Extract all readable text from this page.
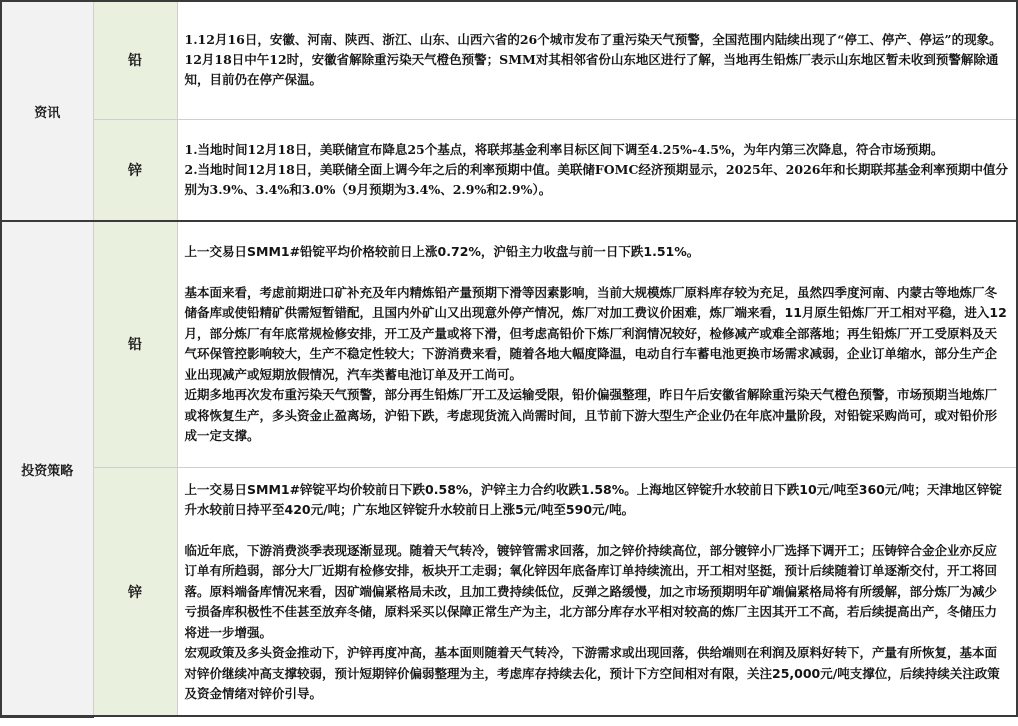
资讯	铅	1.12月16日，安徽、河南、陕西、浙江、山东、山西六省的26个城市发布了重污染天气预警，全国范围内陆续出现了“停工、停产、停运”的现象。12月18日中午12时，安徽省解除重污染天气橙色预警；SMM对其相邻省份山东地区进行了解，当地再生铅炼厂表示山东地区暂未收到预警解除通知，目前仍在停产保温。

	锌	1.当地时间12月18日，美联储宣布降息25个基点，将联邦基金利率目标区间下调至4.25%-4.5%，为年内第三次降息，符合市场预期。

2.当地时间12月18日，美联储全面上调今年之后的利率预期中值。美联储FOMC经济预期显示，2025年、2026年和长期联邦基金利率预期中值分别为3.9%、3.4%和3.0%（9月预期为3.4%、2.9%和2.9%）。

投资策略	铅	上一交易日SMM1#铅锭平均价格较前日上涨0.72%，沪铅主力收盘与前一日下跌1.51%。

基本面来看，考虑前期进口矿补充及年内精炼铅产量预期下滑等因素影响，当前大规模炼厂原料库存较为充足，虽然四季度河南、内蒙古等地炼厂冬储备库或使铅精矿供需短暂错配，且国内外矿山又出现意外停产情况，炼厂对加工费议价困难，炼厂端来看，11月原生铅炼厂开工相对平稳，进入12月，部分炼厂有年底常规检修安排，开工及产量或将下滑，但考虑高铅价下炼厂利润情况较好，检修减产或难全部落地；再生铅炼厂开工受原料及天气环保管控影响较大，生产不稳定性较大；下游消费来看，随着各地大幅度降温，电动自行车蓄电池更换市场需求减弱，企业订单缩水，部分生产企业出现减产或短期放假情况，汽车类蓄电池订单及开工尚可。

近期多地再次发布重污染天气预警，部分再生铅炼厂开工及运输受限，铅价偏强整理，昨日午后安徽省解除重污染天气橙色预警，市场预期当地炼厂或将恢复生产，多头资金止盈离场，沪铅下跌，考虑现货流入尚需时间，且节前下游大型生产企业仍在年底冲量阶段，对铅锭采购尚可，或对铅价形成一定支撑。

	锌	上一交易日SMM1#锌锭平均价较前日下跌0.58%，沪锌主力合约收跌1.58%。上海地区锌锭升水较前日下跌10元/吨至360元/吨；天津地区锌锭升水较前日持平至420元/吨；广东地区锌锭升水较前日上涨5元/吨至590元/吨。

临近年底，下游消费淡季表现逐渐显现。随着天气转冷，镀锌管需求回落，加之锌价持续高位，部分镀锌小厂选择下调开工；压铸锌合金企业亦反应订单有所趋弱，部分大厂近期有检修安排，板块开工走弱；氧化锌因年底备库订单持续流出，开工相对坚挺，预计后续随着订单逐渐交付，开工将回落。原料端备库情况来看，因矿端偏紧格局未改，且加工费持续低位，反弹之路缓慢，加之市场预期明年矿端偏紧格局将有所缓解，部分炼厂为减少亏损备库积极性不佳甚至放弃冬储，原料采买以保障正常生产为主，北方部分库存水平相对较高的炼厂主因其开工不高，若后续提高出产，冬储压力将进一步增强。

宏观政策及多头资金推动下，沪锌再度冲高，基本面则随着天气转冷，下游需求或出现回落，供给端则在利润及原料好转下，产量有所恢复，基本面对锌价继续冲高支撑较弱，预计短期锌价偏弱整理为主，考虑库存持续去化，预计下方空间相对有限，关注25,000元/吨支撑位，后续持续关注政策及资金情绪对锌价引导。
